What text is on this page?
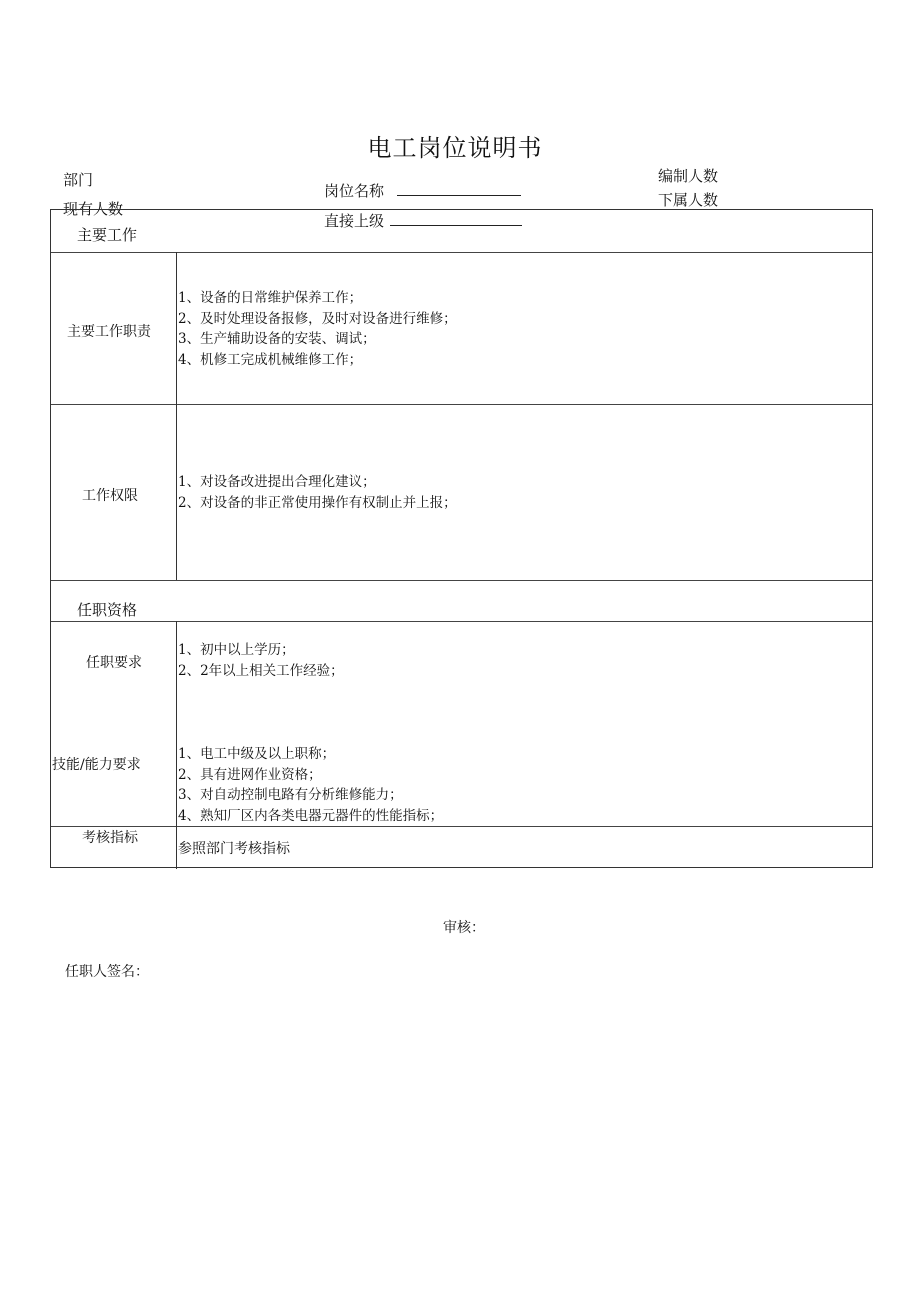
电工岗位说明书
部门
现有人数
岗位名称
直接上级
编制人数
下属人数
主要工作
主要工作职责
1、设备的日常维护保养工作；
2、及时处理设备报修，及时对设备进行维修；
3、生产辅助设备的安装、调试；
4、机修工完成机械维修工作；
工作权限
1、对设备改进提出合理化建议；
2、对设备的非正常使用操作有权制止并上报；
任职资格
任职要求
1、初中以上学历；
2、2年以上相关工作经验；
技能/能力要求
1、电工中级及以上职称；
2、具有进网作业资格；
3、对自动控制电路有分析维修能力；
4、熟知厂区内各类电器元器件的性能指标；
考核指标
参照部门考核指标
审核：
任职人签名：
